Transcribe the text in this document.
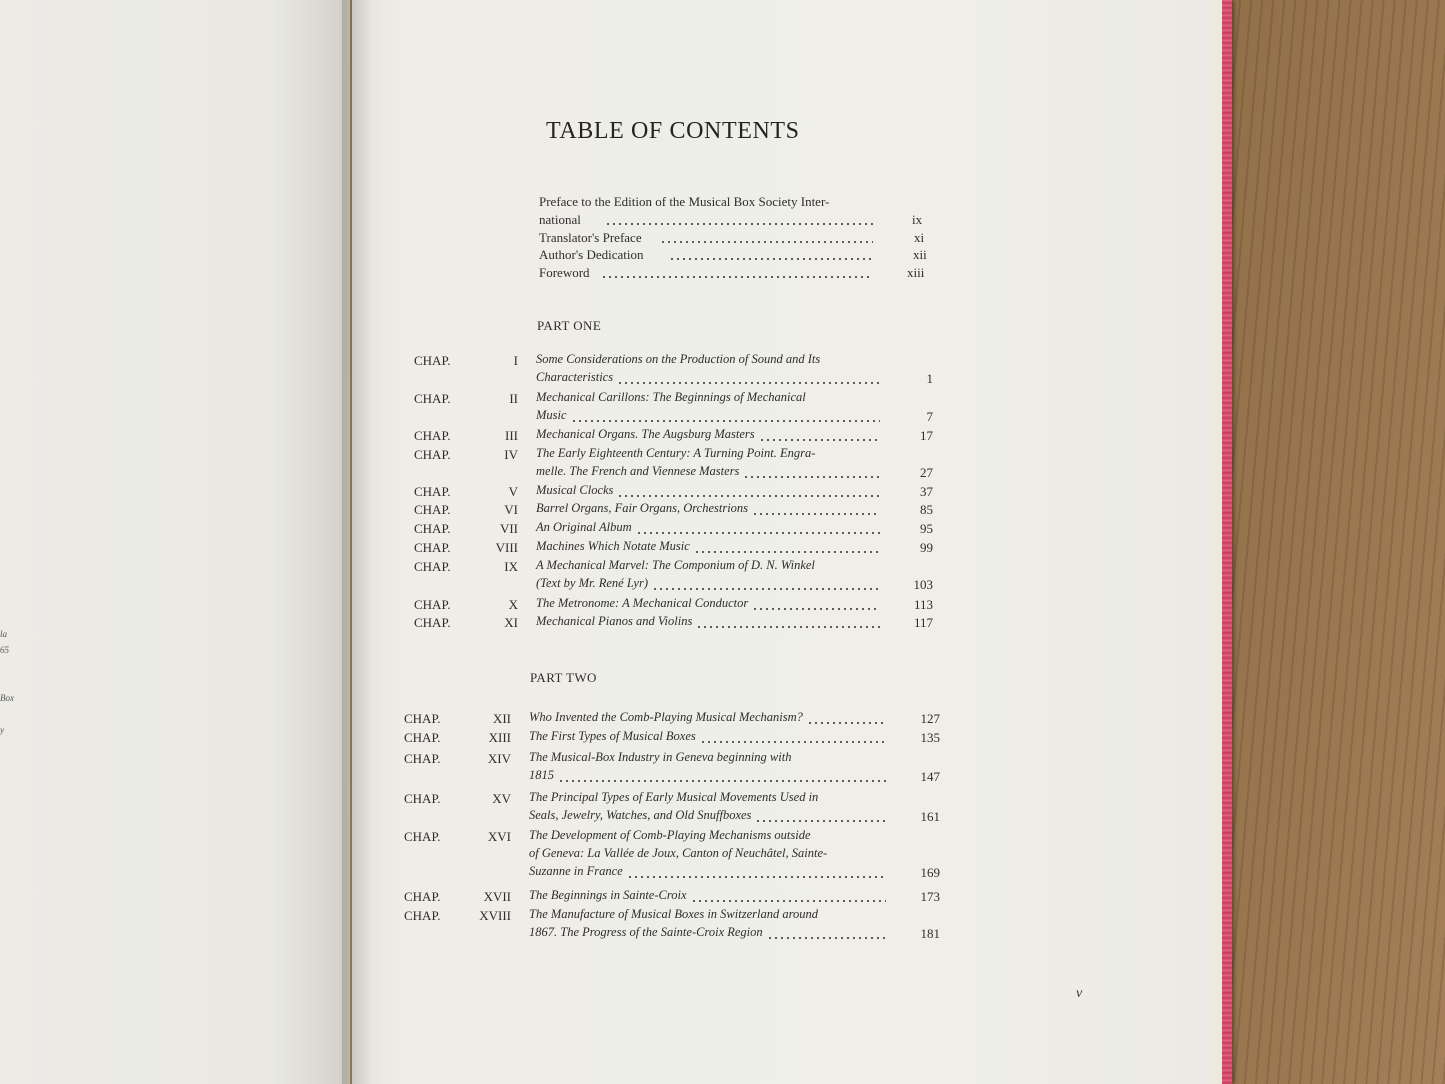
la
65
Box
y
TABLE OF CONTENTS
Preface to the Edition of the Musical Box Society Inter-
national	ix
Translator's Preface	xi
Author's Dedication	xii
Foreword	xiii
PART ONE
CHAP.	I Some Considerations on the Production of Sound and Its
Characteristics	1
CHAP.	II Mechanical Carillons: The Beginnings of Mechanical
Music	7
CHAP.	III Mechanical Organs. The Augsburg Masters	17
CHAP.	IV The Early Eighteenth Century: A Turning Point. Engra-
melle. The French and Viennese Masters	27
CHAP.	V Musical Clocks	37
CHAP.	VI Barrel Organs, Fair Organs, Orchestrions	85
CHAP.	VII An Original Album	95
CHAP.	VIII Machines Which Notate Music	99
CHAP.	IX A Mechanical Marvel: The Componium of D. N. Winkel
(Text by Mr. René Lyr)	103
CHAP.	X The Metronome: A Mechanical Conductor	113
CHAP.	XI Mechanical Pianos and Violins	117
PART TWO
CHAP.	XII Who Invented the Comb-Playing Musical Mechanism?	127
CHAP.	XIII The First Types of Musical Boxes	135
CHAP.	XIV The Musical-Box Industry in Geneva beginning with
1815	147
CHAP.	XV The Principal Types of Early Musical Movements Used in
Seals, Jewelry, Watches, and Old Snuffboxes	161
CHAP.	XVI The Development of Comb-Playing Mechanisms outside
of Geneva: La Vallée de Joux, Canton of Neuchâtel, Sainte-
Suzanne in France	169
CHAP.	XVII The Beginnings in Sainte-Croix	173
CHAP.	XVIII The Manufacture of Musical Boxes in Switzerland around
1867. The Progress of the Sainte-Croix Region	181
v
